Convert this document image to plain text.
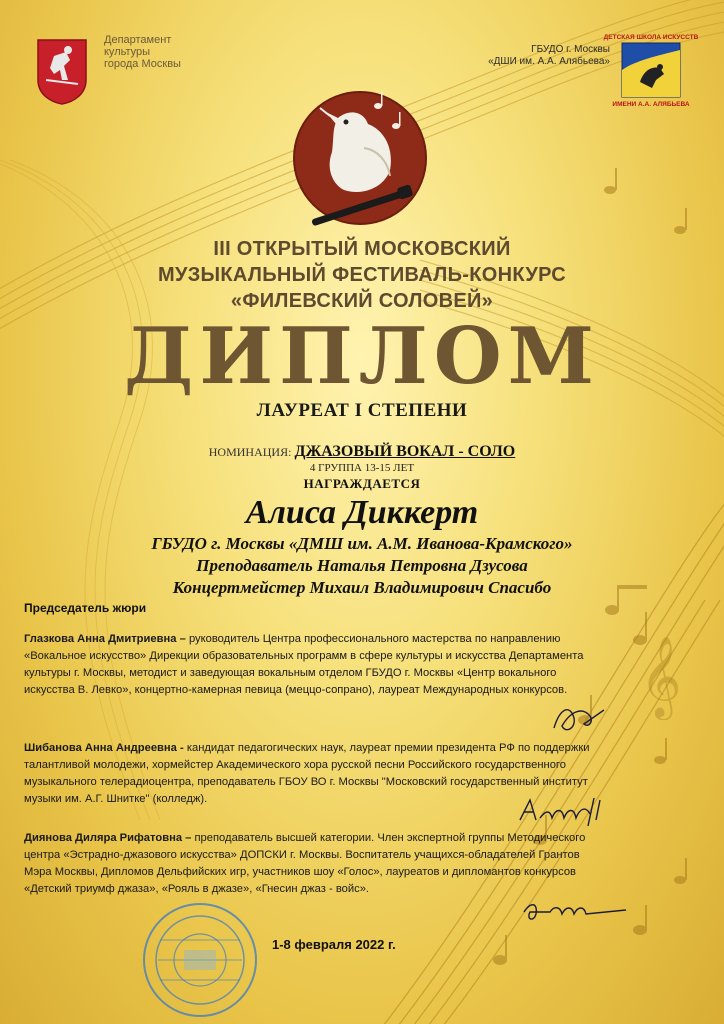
𝄞
Департамент
культуры
города Москвы
ГБУДО г. Москвы
«ДШИ им. А.А. Алябьева»
ДЕТСКАЯ ШКОЛА ИСКУССТВ
ИМЕНИ А.А. АЛЯБЬЕВА
III ОТКРЫТЫЙ МОСКОВСКИЙ
МУЗЫКАЛЬНЫЙ ФЕСТИВАЛЬ-КОНКУРС
«ФИЛЕВСКИЙ СОЛОВЕЙ»
ДИПЛОМ
ЛАУРЕАТ I СТЕПЕНИ
НОМИНАЦИЯ: ДЖАЗОВЫЙ ВОКАЛ - СОЛО
4 ГРУППА 13-15 ЛЕТ
НАГРАЖДАЕТСЯ
Алиса Диккерт
ГБУДО г. Москвы «ДМШ им. А.М. Иванова-Крамского»
Преподаватель Наталья Петровна Дзусова
Концертмейстер Михаил Владимирович Спасибо
Председатель жюри
Глазкова Анна Дмитриевна – руководитель Центра профессионального мастерства по направлению «Вокальное искусство» Дирекции образовательных программ в сфере культуры и искусства Департамента культуры г. Москвы, методист и заведующая вокальным отделом ГБУДО г. Москвы «Центр вокального искусства В. Левко», концертно-камерная певица (меццо-сопрано), лауреат Международных конкурсов.
Шибанова Анна Андреевна - кандидат педагогических наук, лауреат премии президента РФ по поддержки талантливой молодежи, хормейстер Академического хора русской песни Российского государственного музыкального телерадиоцентра, преподаватель ГБОУ ВО г. Москвы "Московский государственный институт музыки им. А.Г. Шнитке" (колледж).
Диянова Диляра Рифатовна – преподаватель высшей категории. Член экспертной группы Методического центра «Эстрадно-джазового искусства» ДОПСКИ г. Москвы. Воспитатель учащихся-обладателей Грантов Мэра Москвы, Дипломов Дельфийских игр, участников шоу «Голос», лауреатов и дипломантов конкурсов «Детский триумф джаза», «Рояль в джазе», «Гнесин джаз - войс».
1-8 февраля 2022 г.
